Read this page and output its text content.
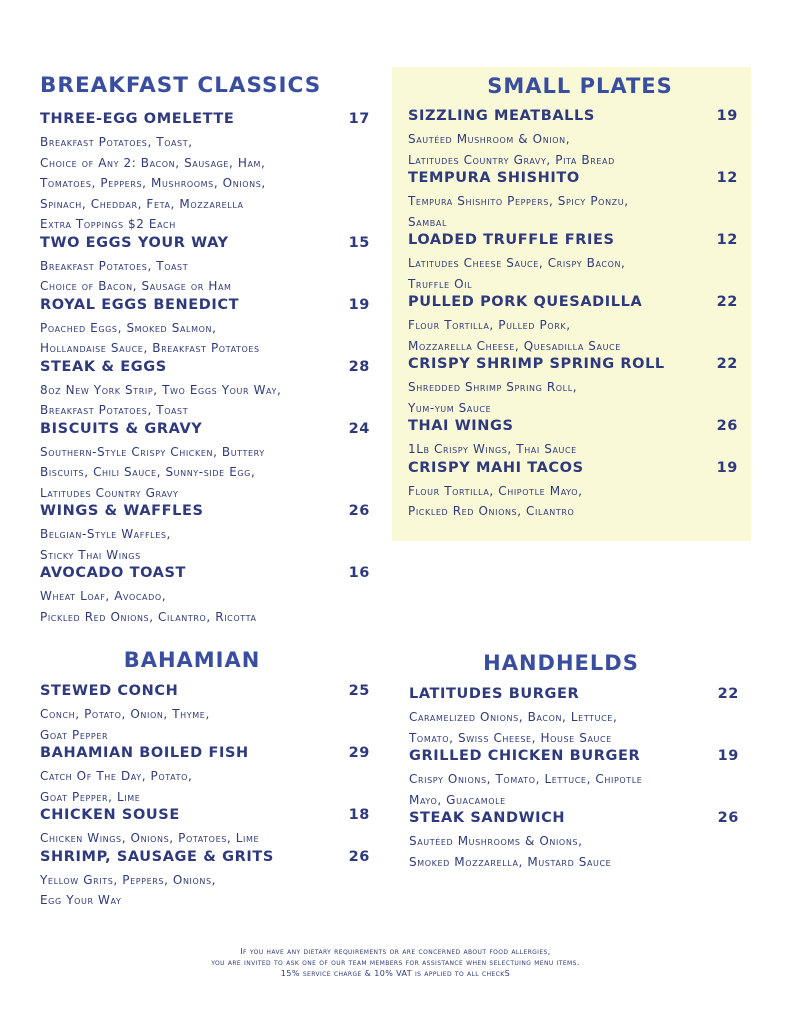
BREAKFAST CLASSICS
THREE-EGG OMELETTE	17
Breakfast Potatoes, Toast,
Choice of Any 2: Bacon, Sausage, Ham,
Tomatoes, Peppers, Mushrooms, Onions,
Spinach, Cheddar, Feta, Mozzarella
Extra Toppings $2 Each
TWO EGGS YOUR WAY	15
Breakfast Potatoes, Toast
Choice of Bacon, Sausage or Ham
ROYAL EGGS BENEDICT	19
Poached Eggs, Smoked Salmon,
Hollandaise Sauce, Breakfast Potatoes
STEAK & EGGS	28
8oz New York Strip, Two Eggs Your Way,
Breakfast Potatoes, Toast
BISCUITS & GRAVY	24
Southern-Style Crispy Chicken, Buttery
Biscuits, Chili Sauce, Sunny-side Egg,
Latitudes Country Gravy
WINGS & WAFFLES	26
Belgian-Style Waffles,
Sticky Thai Wings
AVOCADO TOAST	16
Wheat Loaf, Avocado,
Pickled Red Onions, Cilantro, Ricotta
SMALL PLATES
SIZZLING MEATBALLS	19
Sautéed Mushroom & Onion,
Latitudes Country Gravy, Pita Bread
TEMPURA SHISHITO	12
Tempura Shishito Peppers, Spicy Ponzu,
Sambal
LOADED TRUFFLE FRIES	12
Latitudes Cheese Sauce, Crispy Bacon,
Truffle Oil
PULLED PORK QUESADILLA	22
Flour Tortilla, Pulled Pork,
Mozzarella Cheese, Quesadilla Sauce
CRISPY SHRIMP SPRING ROLL	22
Shredded Shrimp Spring Roll,
Yum-yum Sauce
THAI WINGS	26
1Lb Crispy Wings, Thai Sauce
CRISPY MAHI TACOS	19
Flour Tortilla, Chipotle Mayo,
Pickled Red Onions, Cilantro
BAHAMIAN
STEWED CONCH	25
Conch, Potato, Onion, Thyme,
Goat Pepper
BAHAMIAN BOILED FISH	29
Catch Of The Day, Potato,
Goat Pepper, Lime
CHICKEN SOUSE	18
Chicken Wings, Onions, Potatoes, Lime
SHRIMP, SAUSAGE & GRITS	26
Yellow Grits, Peppers, Onions,
Egg Your Way
HANDHELDS
LATITUDES BURGER	22
Caramelized Onions, Bacon, Lettuce,
Tomato, Swiss Cheese, House Sauce
GRILLED CHICKEN BURGER	19
Crispy Onions, Tomato, Lettuce, Chipotle
Mayo, Guacamole
STEAK SANDWICH	26
Sautéed Mushrooms & Onions,
Smoked Mozzarella, Mustard Sauce
If you have any dietary requirements or are concerned about food allergies,
you are invited to ask one of our team members for assistance when selectuing menu items.
15% service charge & 10% VAT is applied to all checkS
